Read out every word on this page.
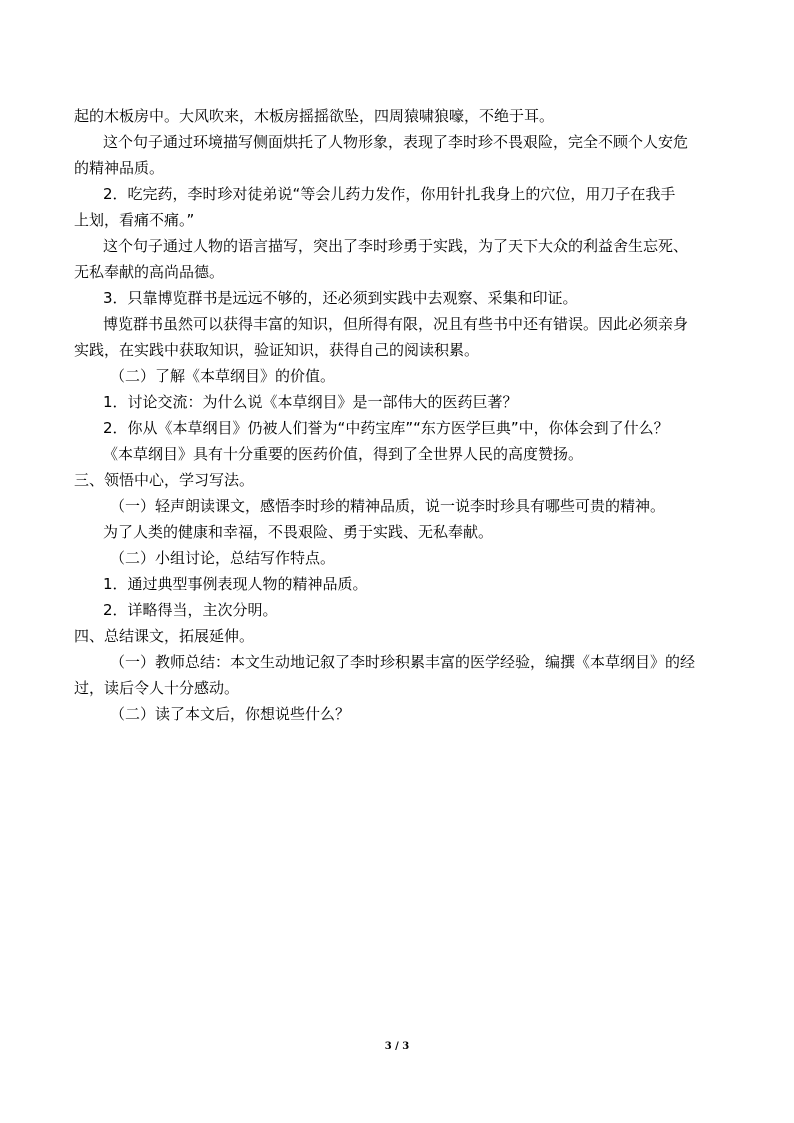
起的木板房中。大风吹来，木板房摇摇欲坠，四周猿啸狼嚎，不绝于耳。

这个句子通过环境描写侧面烘托了人物形象，表现了李时珍不畏艰险，完全不顾个人安危

的精神品质。

2．吃完药，李时珍对徒弟说“等会儿药力发作，你用针扎我身上的穴位，用刀子在我手

上划，看痛不痛。”

这个句子通过人物的语言描写，突出了李时珍勇于实践，为了天下大众的利益舍生忘死、

无私奉献的高尚品德。

3．只靠博览群书是远远不够的，还必须到实践中去观察、采集和印证。

博览群书虽然可以获得丰富的知识，但所得有限，况且有些书中还有错误。因此必须亲身

实践，在实践中获取知识，验证知识，获得自己的阅读积累。

（二）了解《本草纲目》的价值。

1．讨论交流：为什么说《本草纲目》是一部伟大的医药巨著？

2．你从《本草纲目》仍被人们誉为“中药宝库”“东方医学巨典”中，你体会到了什么？

《本草纲目》具有十分重要的医药价值，得到了全世界人民的高度赞扬。

三、领悟中心，学习写法。

（一）轻声朗读课文，感悟李时珍的精神品质，说一说李时珍具有哪些可贵的精神。

为了人类的健康和幸福，不畏艰险、勇于实践、无私奉献。

（二）小组讨论，总结写作特点。

1．通过典型事例表现人物的精神品质。

2．详略得当，主次分明。

四、总结课文，拓展延伸。

（一）教师总结：本文生动地记叙了李时珍积累丰富的医学经验，编撰《本草纲目》的经

过，读后令人十分感动。

（二）读了本文后，你想说些什么？

3 / 3
